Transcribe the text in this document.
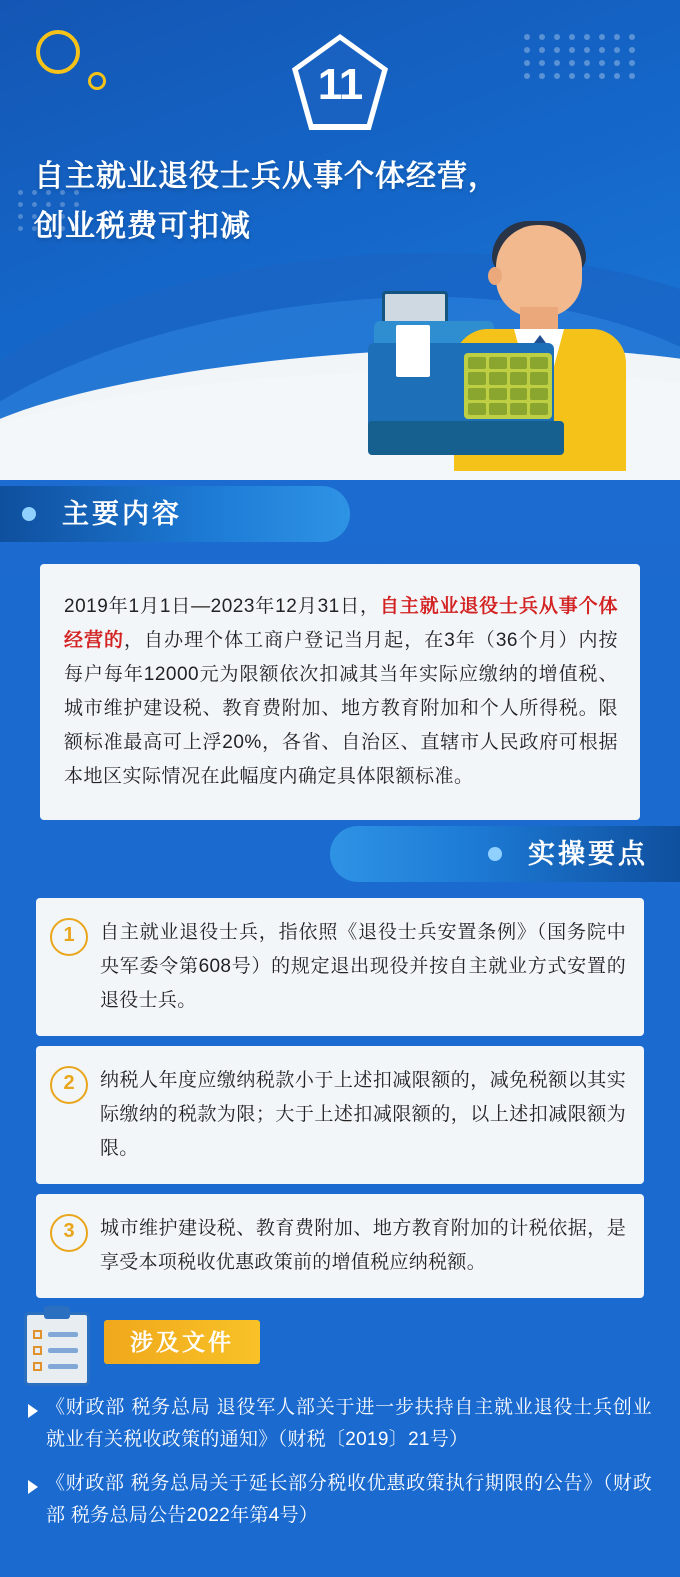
11
自主就业退役士兵从事个体经营，
创业税费可扣减
主要内容

2019年1月1日—2023年12月31日，自主就业退役士兵从事个体经营的，自办理个体工商户登记当月起，在3年（36个月）内按每户每年12000元为限额依次扣减其当年实际应缴纳的增值税、城市维护建设税、教育费附加、地方教育附加和个人所得税。限额标准最高可上浮20%，各省、自治区、直辖市人民政府可根据本地区实际情况在此幅度内确定具体限额标准。

实操要点
1	自主就业退役士兵，指依照《退役士兵安置条例》（国务院中央军委令第608号）的规定退出现役并按自主就业方式安置的退役士兵。
2	纳税人年度应缴纳税款小于上述扣减限额的，减免税额以其实际缴纳的税款为限；大于上述扣减限额的，以上述扣减限额为限。
3	城市维护建设税、教育费附加、地方教育附加的计税依据，是享受本项税收优惠政策前的增值税应纳税额。
涉及文件
《财政部 税务总局 退役军人部关于进一步扶持自主就业退役士兵创业就业有关税收政策的通知》（财税〔2019〕21号）
《财政部 税务总局关于延长部分税收优惠政策执行期限的公告》（财政部 税务总局公告2022年第4号）
